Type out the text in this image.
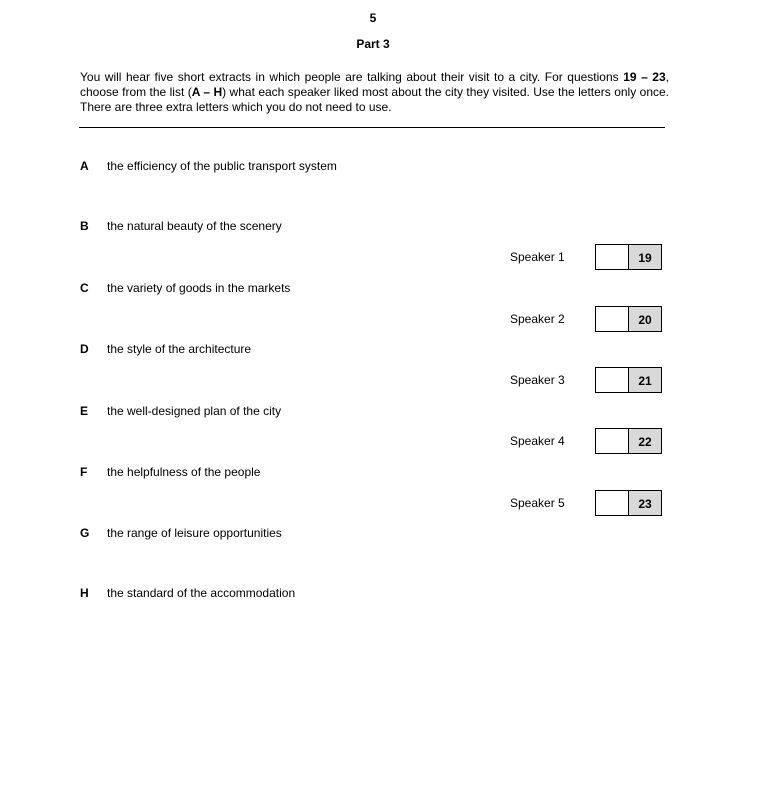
5
Part 3

You will hear five short extracts in which people are talking about their visit to a city. For questions 19 – 23, choose from the list (A – H) what each speaker liked most about the city they visited. Use the letters only once. There are three extra letters which you do not need to use.

A the efficiency of the public transport system
B the natural beauty of the scenery
C the variety of goods in the markets
D the style of the architecture
E the well-designed plan of the city
F the helpfulness of the people
G the range of leisure opportunities
H the standard of the accommodation
Speaker 1	19
Speaker 2	20
Speaker 3	21
Speaker 4	22
Speaker 5	23
